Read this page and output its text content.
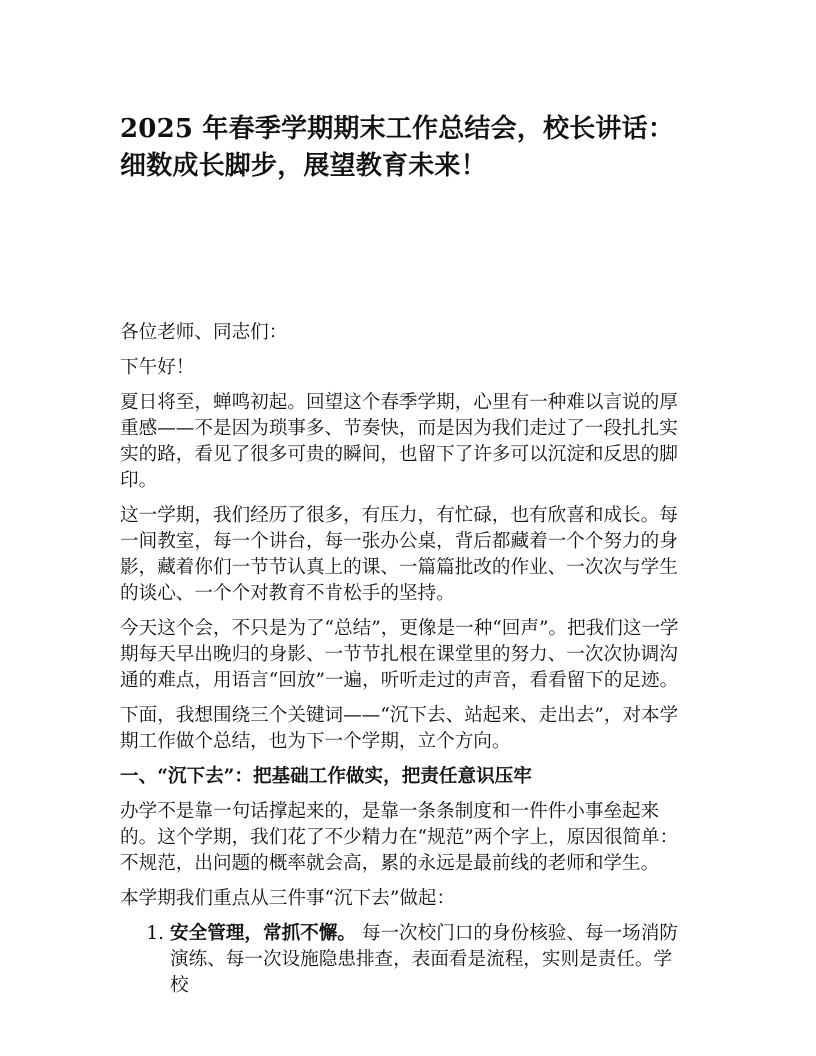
2025 年春季学期期末工作总结会，校长讲话：细数成长脚步，展望教育未来！

各位老师、同志们：

下午好！

夏日将至，蝉鸣初起。回望这个春季学期，心里有一种难以言说的厚重感——不是因为琐事多、节奏快，而是因为我们走过了一段扎扎实实的路，看见了很多可贵的瞬间，也留下了许多可以沉淀和反思的脚印。

这一学期，我们经历了很多，有压力，有忙碌，也有欣喜和成长。每一间教室，每一个讲台，每一张办公桌，背后都藏着一个个努力的身影，藏着你们一节节认真上的课、一篇篇批改的作业、一次次与学生的谈心、一个个对教育不肯松手的坚持。

今天这个会，不只是为了“总结”，更像是一种“回声”。把我们这一学期每天早出晚归的身影、一节节扎根在课堂里的努力、一次次协调沟通的难点，用语言“回放”一遍，听听走过的声音，看看留下的足迹。

下面，我想围绕三个关键词——“沉下去、站起来、走出去”，对本学期工作做个总结，也为下一个学期，立个方向。

一、“沉下去”：把基础工作做实，把责任意识压牢

办学不是靠一句话撑起来的，是靠一条条制度和一件件小事垒起来的。这个学期，我们花了不少精力在“规范”两个字上，原因很简单：不规范，出问题的概率就会高，累的永远是最前线的老师和学生。

本学期我们重点从三件事“沉下去”做起：

1. 安全管理，常抓不懈。 每一次校门口的身份核验、每一场消防演练、每一次设施隐患排查，表面看是流程，实则是责任。学校
